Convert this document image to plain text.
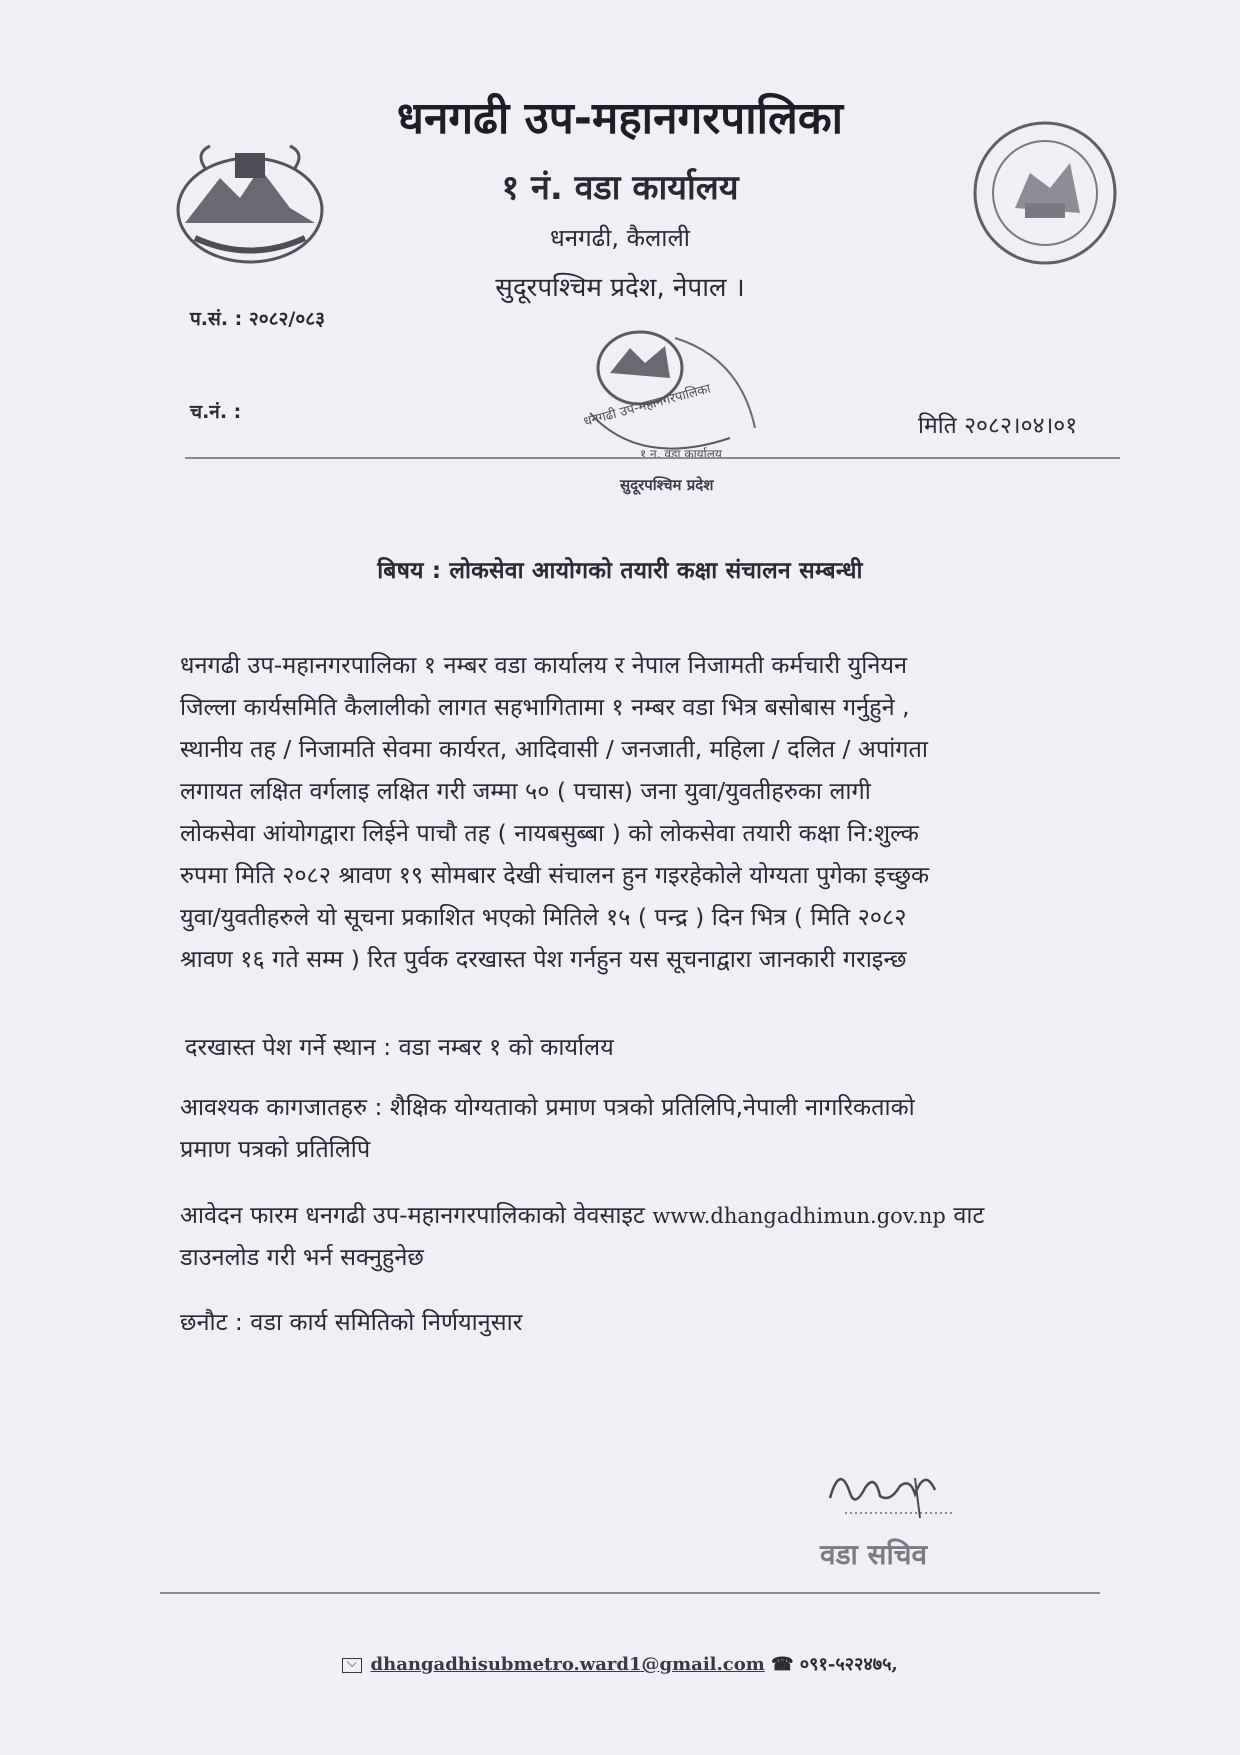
धनगढी उप-महानगरपालिका
१ नं. वडा कार्यालय
धनगढी, कैलाली
सुदूरपश्चिम प्रदेश, नेपाल ।
प.सं. : २०८२/०८३
च.नं. :	धनगढी उप-महानगरपालिका
१ न. वडा कार्यालय
सुदूरपश्चिम प्रदेश
मिति २०८२।०४।०१
बिषय : लोकसेवा आयोगको तयारी कक्षा संचालन सम्बन्धी
धनगढी उप-महानगरपालिका १ नम्बर वडा कार्यालय र नेपाल निजामती कर्मचारी युनियन
जिल्ला कार्यसमिति कैलालीको लागत सहभागितामा १ नम्बर वडा भित्र बसोबास गर्नुहुने ,
स्थानीय तह / निजामति सेवमा कार्यरत, आदिवासी / जनजाती, महिला / दलित / अपांगता
लगायत लक्षित वर्गलाइ लक्षित गरी जम्मा ५० ( पचास) जना युवा/युवतीहरुका लागी
लोकसेवा आंयोगद्वारा लिईने पाचौ तह ( नायबसुब्बा ) को लोकसेवा तयारी कक्षा नि:शुल्क
रुपमा मिति २०८२ श्रावण १९ सोमबार देखी संचालन हुन गइरहेकोले योग्यता पुगेका इच्छुक
युवा/युवतीहरुले यो सूचना प्रकाशित भएको मितिले १५ ( पन्द्र ) दिन भित्र ( मिति २०८२
श्रावण १६ गते सम्म ) रित पुर्वक दरखास्त पेश गर्नहुन यस सूचनाद्वारा जानकारी गराइन्छ
दरखास्त पेश गर्ने स्थान : वडा नम्बर १ को कार्यालय
आवश्यक कागजातहरु : शैक्षिक योग्यताको प्रमाण पत्रको प्रतिलिपि,नेपाली नागरिकताको
प्रमाण पत्रको प्रतिलिपि
आवेदन फारम धनगढी उप-महानगरपालिकाको वेवसाइट www.dhangadhimun.gov.np वाट
डाउनलोड गरी भर्न सक्नुहुनेछ
छनौट : वडा कार्य समितिको निर्णयानुसार
वडा सचिव
dhangadhisubmetro.ward1@gmail.com ☎ ०९१-५२२४७५,
